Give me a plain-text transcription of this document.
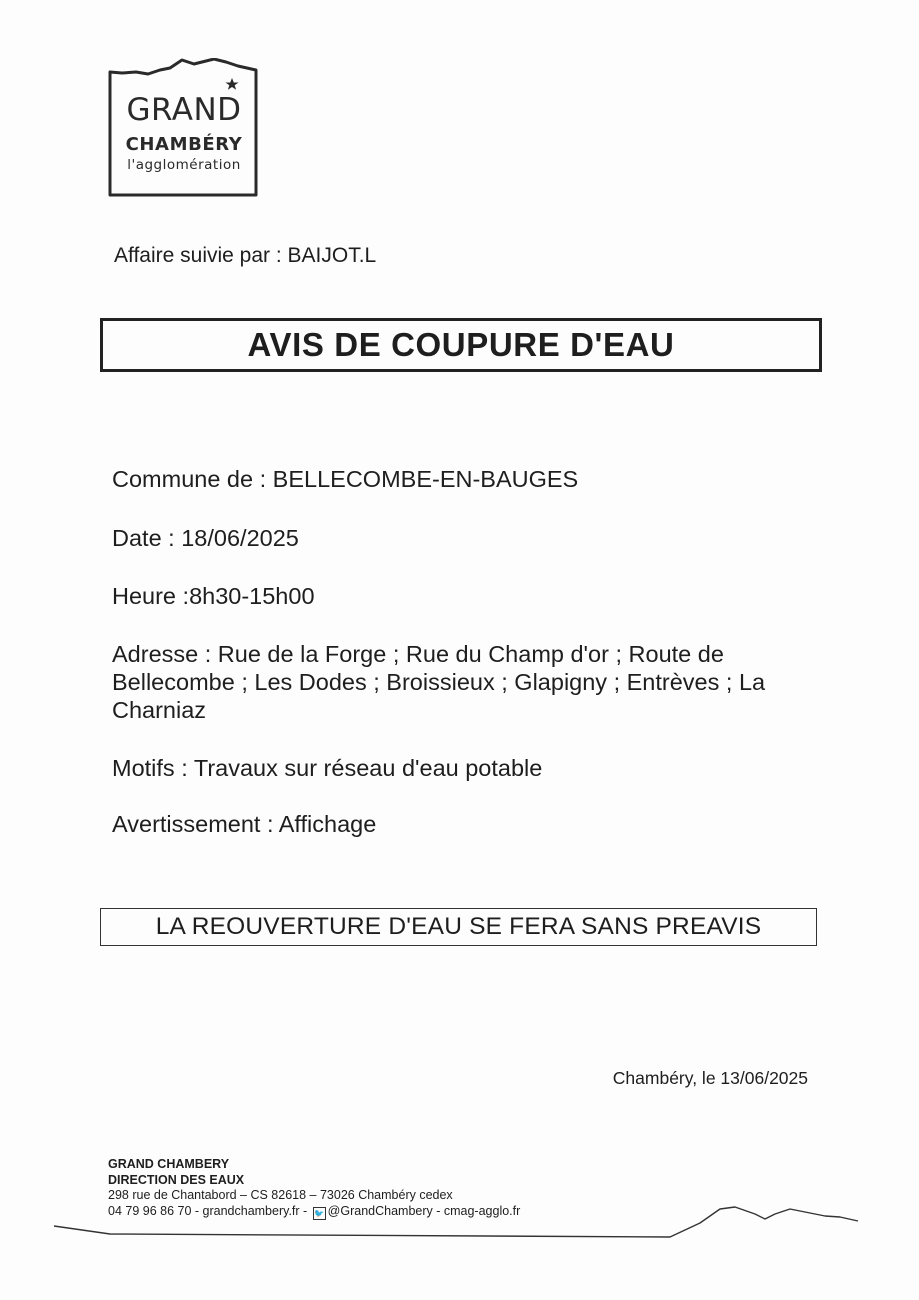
GRAND
CHAMBÉRY
l'agglomération
Affaire suivie par : BAIJOT.L
AVIS DE COUPURE D'EAU
Commune de : BELLECOMBE-EN-BAUGES
Date : 18/06/2025
Heure :8h30-15h00
Adresse : Rue de la Forge ; Rue du Champ d'or ; Route de Bellecombe ; Les Dodes ; Broissieux ; Glapigny ; Entrèves ; La Charniaz
Motifs : Travaux sur réseau d'eau potable
Avertissement : Affichage
LA REOUVERTURE D'EAU SE FERA SANS PREAVIS
Chambéry, le 13/06/2025
GRAND CHAMBERY
DIRECTION DES EAUX
298 rue de Chantabord – CS 82618 – 73026 Chambéry cedex
04 79 96 86 70 - grandchambery.fr - 🐦 @GrandChambery - cmag-agglo.fr
